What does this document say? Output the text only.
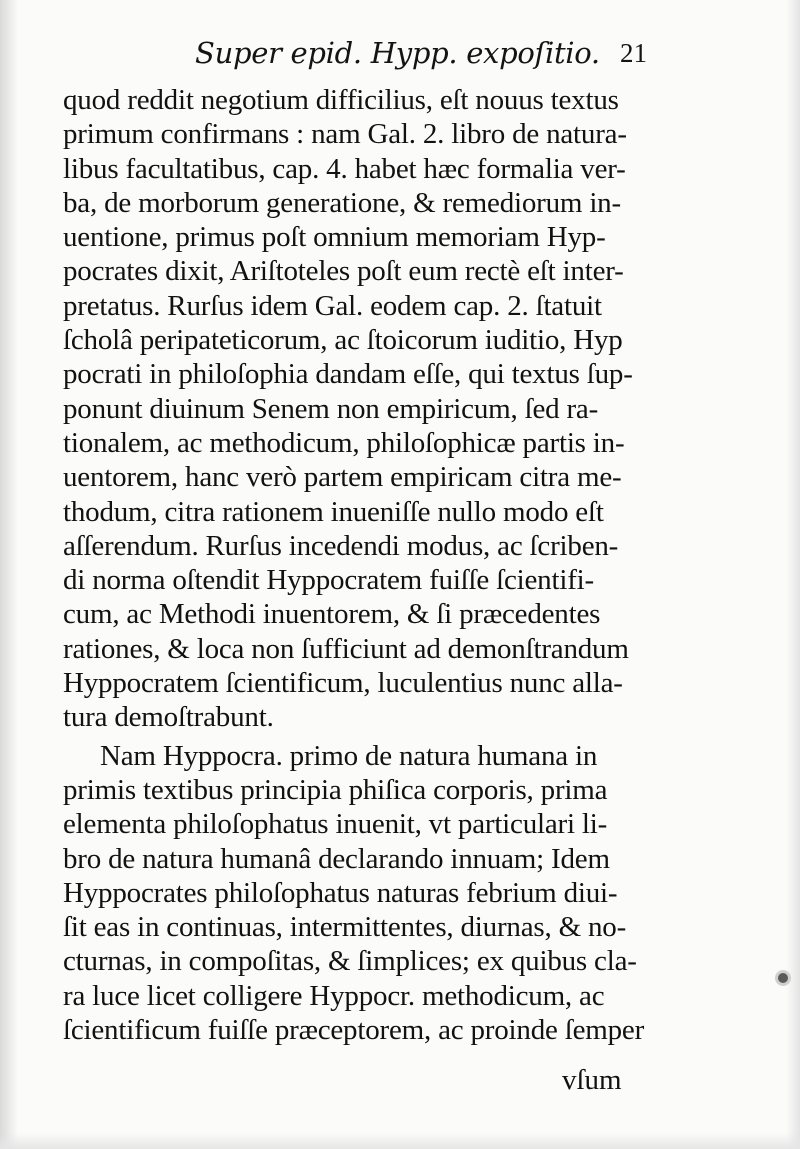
Super epid. Hypp. expoſitio. 21
quod reddit negotium difficilius, eſt nouus textus
primum confirmans : nam Gal. 2. libro de natura-
libus facultatibus, cap. 4. habet hæc formalia ver-
ba, de morborum generatione, & remediorum in-
uentione, primus poſt omnium memoriam Hyp-
pocrates dixit, Ariſtoteles poſt eum rectè eſt inter-
pretatus. Rurſus idem Gal. eodem cap. 2. ſtatuit
ſcholâ peripateticorum, ac ſtoicorum iuditio, Hyp
pocrati in philoſophia dandam eſſe, qui textus ſup-
ponunt diuinum Senem non empiricum, ſed ra-
tionalem, ac methodicum, philoſophicæ partis in-
uentorem, hanc verò partem empiricam citra me-
thodum, citra rationem inueniſſe nullo modo eſt
aſſerendum. Rurſus incedendi modus, ac ſcriben-
di norma oſtendit Hyppocratem fuiſſe ſcientifi-
cum, ac Methodi inuentorem, & ſi præcedentes
rationes, & loca non ſufficiunt ad demonſtrandum
Hyppocratem ſcientificum, luculentius nunc alla-
tura demoſtrabunt.
Nam Hyppocra. primo de natura humana in
primis textibus principia phiſica corporis, prima
elementa philoſophatus inuenit, vt particulari li-
bro de natura humanâ declarando innuam; Idem
Hyppocrates philoſophatus naturas febrium diui-
ſit eas in continuas, intermittentes, diurnas, & no-
cturnas, in compoſitas, & ſimplices; ex quibus cla-
ra luce licet colligere Hyppocr. methodicum, ac
ſcientificum fuiſſe præceptorem, ac proinde ſemper
vſum
